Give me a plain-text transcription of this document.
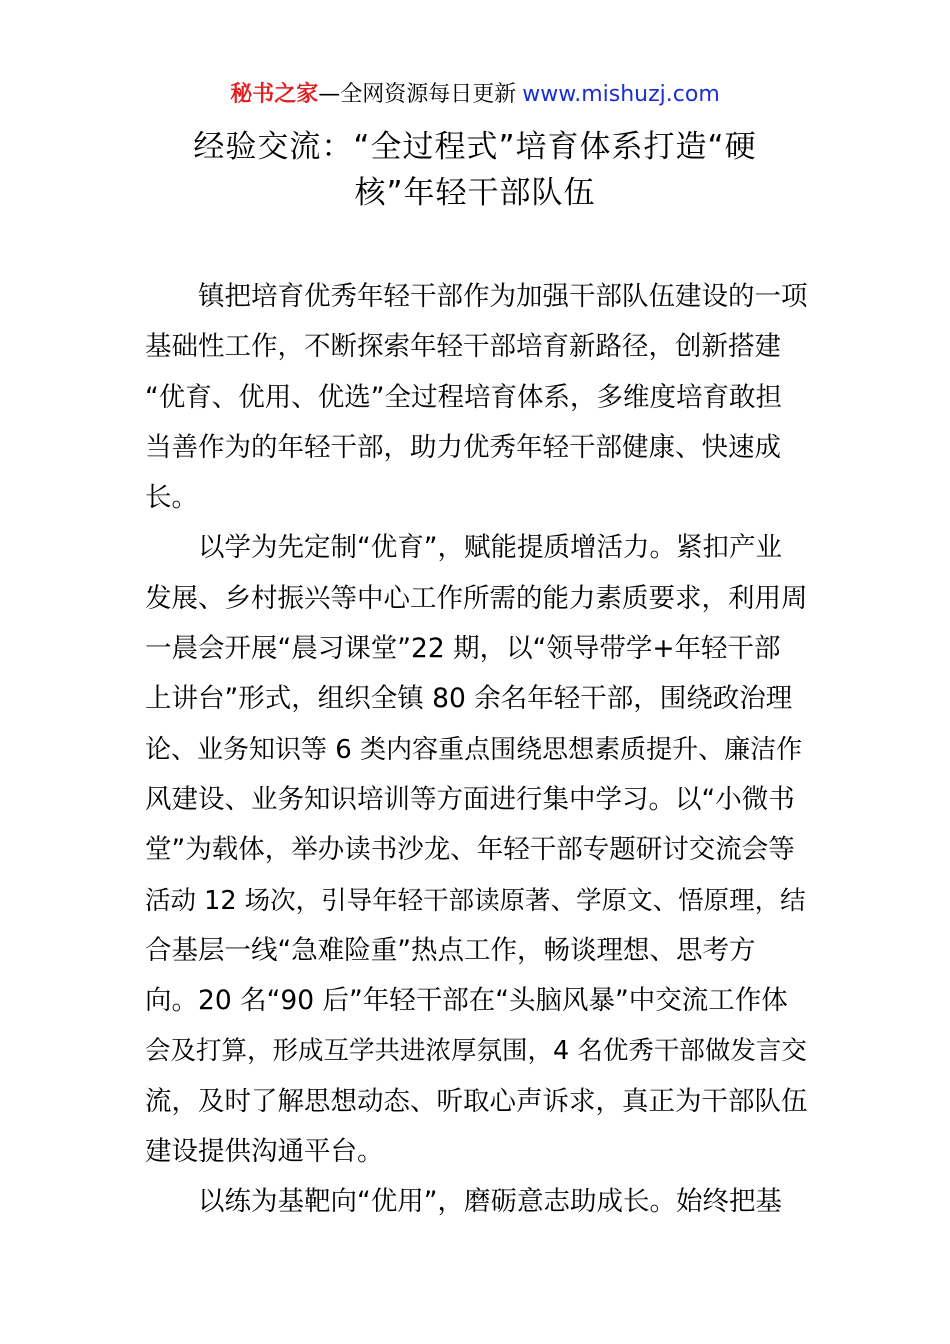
秘书之家—全网资源每日更新 www.mishuzj.com
经验交流：“全过程式”培育体系打造“硬
核”年轻干部队伍
镇把培育优秀年轻干部作为加强干部队伍建设的一项
基础性工作，不断探索年轻干部培育新路径，创新搭建
“优育、优用、优选”全过程培育体系，多维度培育敢担
当善作为的年轻干部，助力优秀年轻干部健康、快速成
长。
以学为先定制“优育”，赋能提质增活力。紧扣产业
发展、乡村振兴等中心工作所需的能力素质要求，利用周
一晨会开展“晨习课堂”22 期，以“领导带学+年轻干部
上讲台”形式，组织全镇 80 余名年轻干部，围绕政治理
论、业务知识等 6 类内容重点围绕思想素质提升、廉洁作
风建设、业务知识培训等方面进行集中学习。以“小微书
堂”为载体，举办读书沙龙、年轻干部专题研讨交流会等
活动 12 场次，引导年轻干部读原著、学原文、悟原理，结
合基层一线“急难险重”热点工作，畅谈理想、思考方
向。20 名“90 后”年轻干部在“头脑风暴”中交流工作体
会及打算，形成互学共进浓厚氛围，4 名优秀干部做发言交
流，及时了解思想动态、听取心声诉求，真正为干部队伍
建设提供沟通平台。
以练为基靶向“优用”，磨砺意志助成长。始终把基
